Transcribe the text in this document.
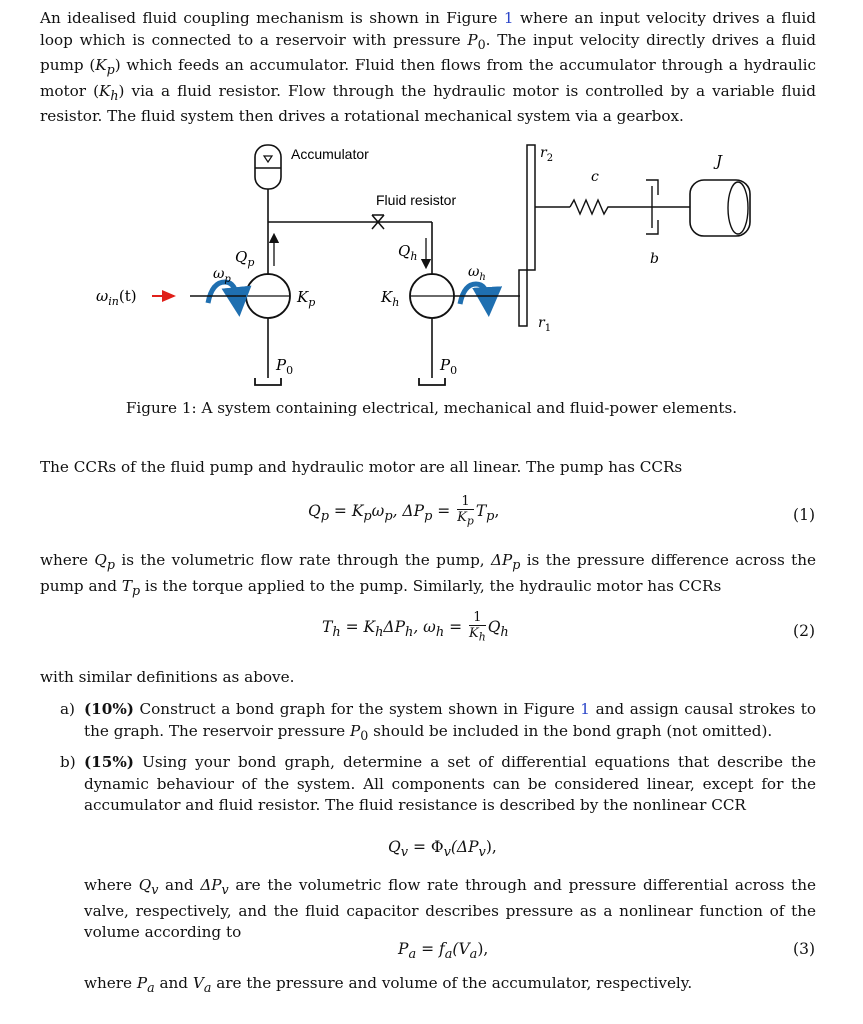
An idealised fluid coupling mechanism is shown in Figure 1 where an input velocity drives a fluid loop which is connected to a reservoir with pressure $P_0$. The input velocity directly drives a fluid pump $(K_p)$ which feeds an accumulator. Fluid then flows from the accumulator through a hydraulic motor $(K_h)$ via a fluid resistor. Flow through the hydraulic motor is controlled by a variable fluid resistor. The fluid system then drives a rotational mechanical system via a gearbox.
Accumulator
Fluid resistor
$Q_p$
$Q_h$
$P_0$
$K_p$
$\omega_p$
$\omega_{in}(t)$
$P_0$
$K_h$
$\omega_h$
$r_1$
$r_2$
c
b
J
Figure 1: A system containing electrical, mechanical and fluid-power elements.
The CCRs of the fluid pump and hydraulic motor are all linear. The pump has CCRs
$Q_p = K_p\omega_p$, $\Delta P_p = \frac{1}{K_p} T_p$,	(1)
where $Q_p$ is the volumetric flow rate through the pump, $\Delta P_p$ is the pressure difference across the pump and $T_p$ is the torque applied to the pump. Similarly, the hydraulic motor has CCRs
$T_h = K_h\Delta P_h$, $\omega_h = \frac{1}{K_h} Q_h$	(2)
with similar definitions as above.
a) (10%) Construct a bond graph for the system shown in Figure 1 and assign causal strokes to the graph. The reservoir pressure $P_0$ should be included in the bond graph (not omitted).
b) (15%) Using your bond graph, determine a set of differential equations that describe the dynamic behaviour of the system. All components can be considered linear, except for the accumulator and fluid resistor. The fluid resistance is described by the nonlinear CCR
$Q_v = \Phi_v(\Delta P_v)$,
where $Q_v$ and $\Delta P_v$ are the volumetric flow rate through and pressure differential across the valve, respectively, and the fluid capacitor describes pressure as a nonlinear function of the volume according to
$P_a = f_a(V_a)$,	(3)
where $P_a$ and $V_a$ are the pressure and volume of the accumulator, respectively.
